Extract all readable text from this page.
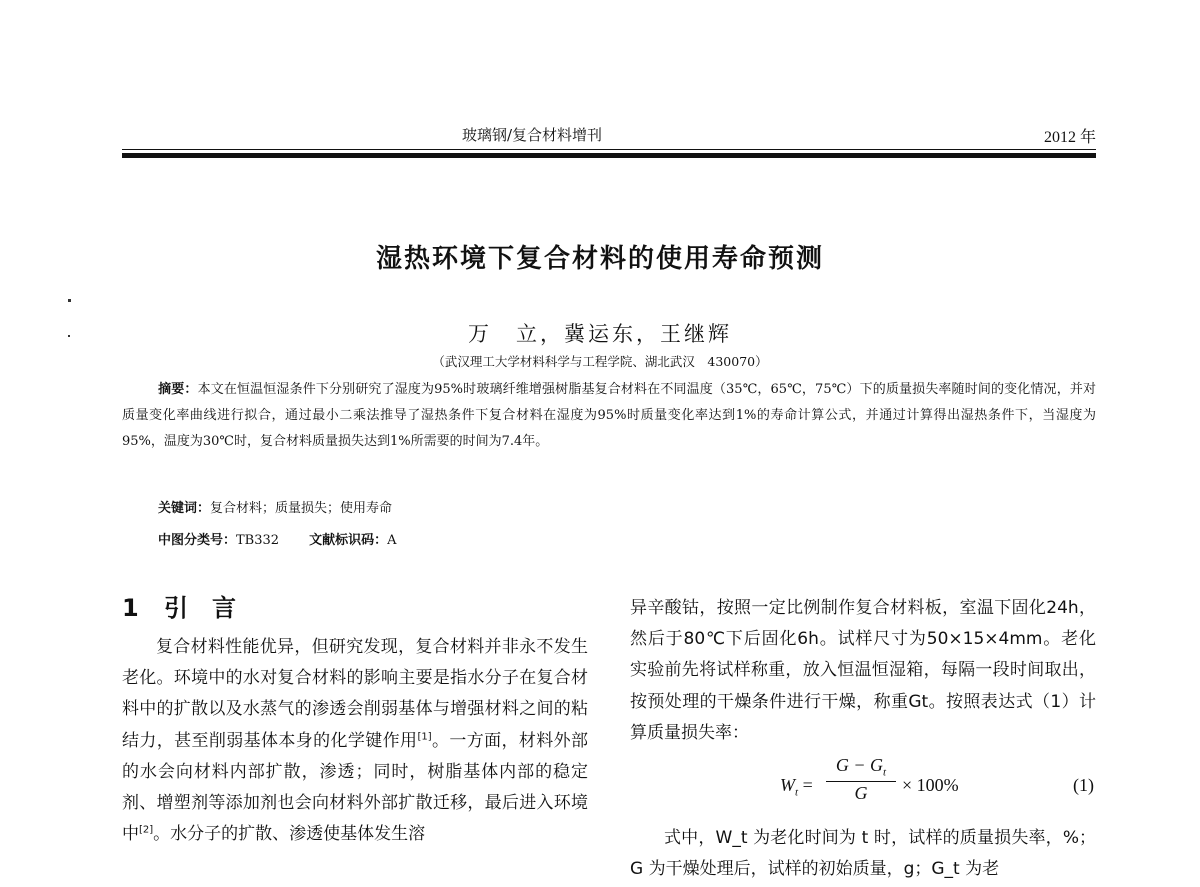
玻璃钢/复合材料增刊	2012 年
湿热环境下复合材料的使用寿命预测
万　立，冀运东，王继辉
（武汉理工大学材料科学与工程学院、湖北武汉　430070）

摘要：本文在恒温恒湿条件下分别研究了湿度为95%时玻璃纤维增强树脂基复合材料在不同温度（35℃，65℃，75℃）下的质量损失率随时间的变化情况，并对质量变化率曲线进行拟合，通过最小二乘法推导了湿热条件下复合材料在湿度为95%时质量变化率达到1%的寿命计算公式，并通过计算得出湿热条件下，当湿度为95%，温度为30℃时，复合材料质量损失达到1%所需要的时间为7.4年。

关键词：复合材料；质量损失；使用寿命
中图分类号：TB332 文献标识码：A
1 引 言

复合材料性能优异，但研究发现，复合材料并非永不发生老化。环境中的水对复合材料的影响主要是指水分子在复合材料中的扩散以及水蒸气的渗透会削弱基体与增强材料之间的粘结力，甚至削弱基体本身的化学键作用[1]。一方面，材料外部的水会向材料内部扩散，渗透；同时，树脂基体内部的稳定剂、增塑剂等添加剂也会向材料外部扩散迁移，最后进入环境中[2]。水分子的扩散、渗透使基体发生溶

异辛酸钴，按照一定比例制作复合材料板，室温下固化24h，然后于80℃下后固化6h。试样尺寸为50×15×4mm。老化实验前先将试样称重，放入恒温恒湿箱，每隔一段时间取出，按预处理的干燥条件进行干燥，称重Gt。按照表达式（1）计算质量损失率：

$W_t = \frac{G - G_t}{G} \times 100\%$	(1)

式中，W_t 为老化时间为 t 时，试样的质量损失率，%；G 为干燥处理后，试样的初始质量，g；G_t 为老
